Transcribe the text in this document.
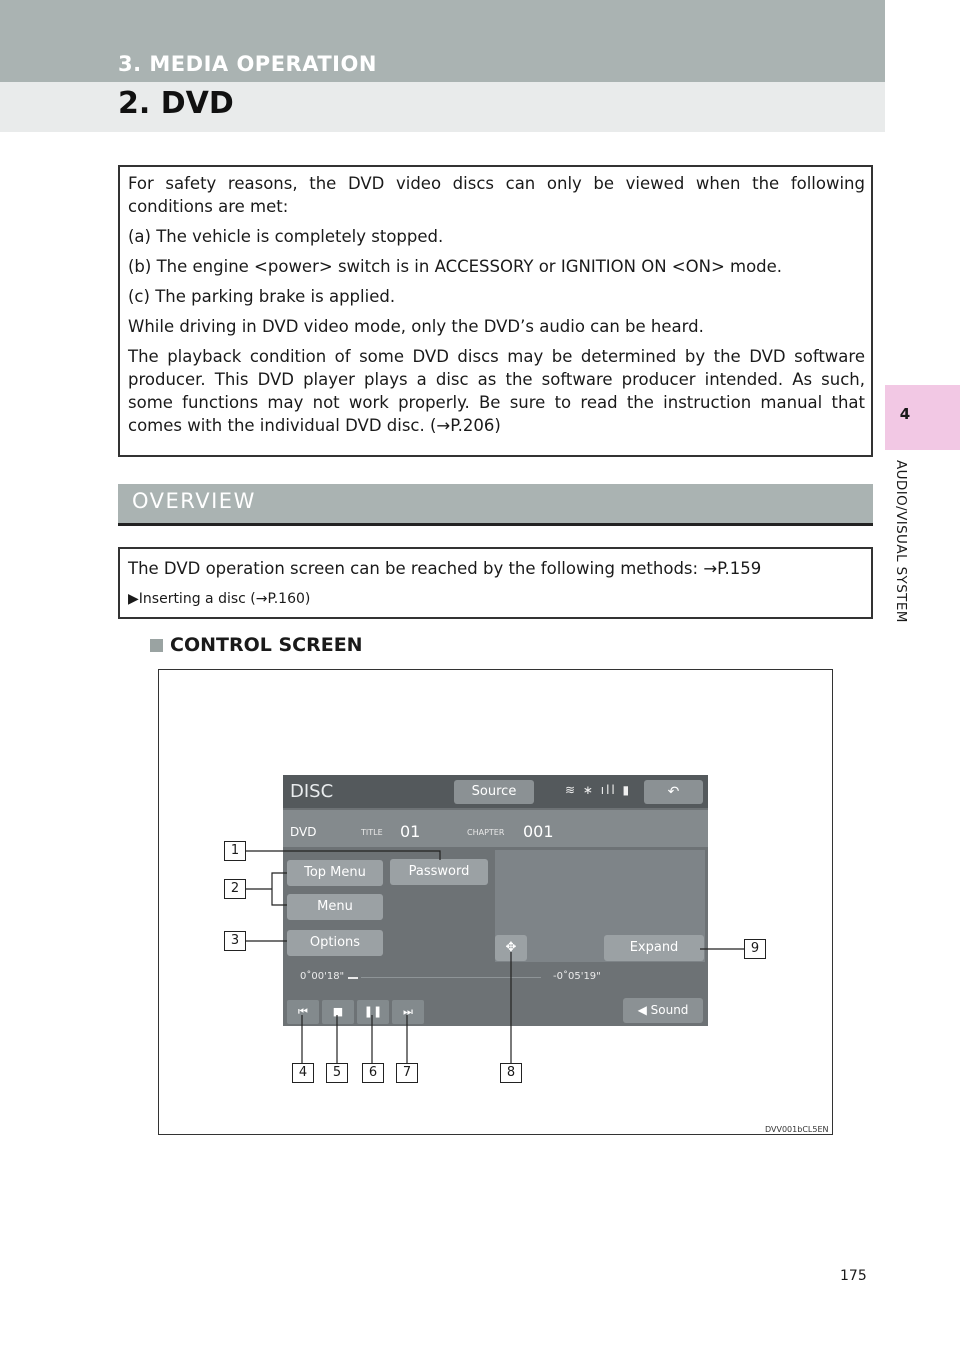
3. MEDIA OPERATION
2. DVD
4
AUDIO/VISUAL SYSTEM

For safety reasons, the DVD video discs can only be viewed when the following conditions are met:

(a) The vehicle is completely stopped.

(b) The engine <power> switch is in ACCESSORY or IGNITION ON <ON> mode.

(c) The parking brake is applied.

While driving in DVD video mode, only the DVD’s audio can be heard.

The playback condition of some DVD discs may be determined by the DVD software producer. This DVD player plays a disc as the software producer intended. As such, some functions may not work properly. Be sure to read the instruction manual that comes with the individual DVD disc. (→P.206)

OVERVIEW

The DVD operation screen can be reached by the following methods: →P.159

▶Inserting a disc (→P.160)

CONTROL SCREEN
DVV001bCL5EN
DISC	Source	≋ ∗ ıll ▮	↶
DVD	TITLE 01	CHAPTER 001
Top Menu	Password
Menu
Options	✥	Expand
0˚00'18"	-0˚05'19"
⏮	■	❚❚	⏭	◀ Sound
1
2
3
4	5	6	7	8
9
175
